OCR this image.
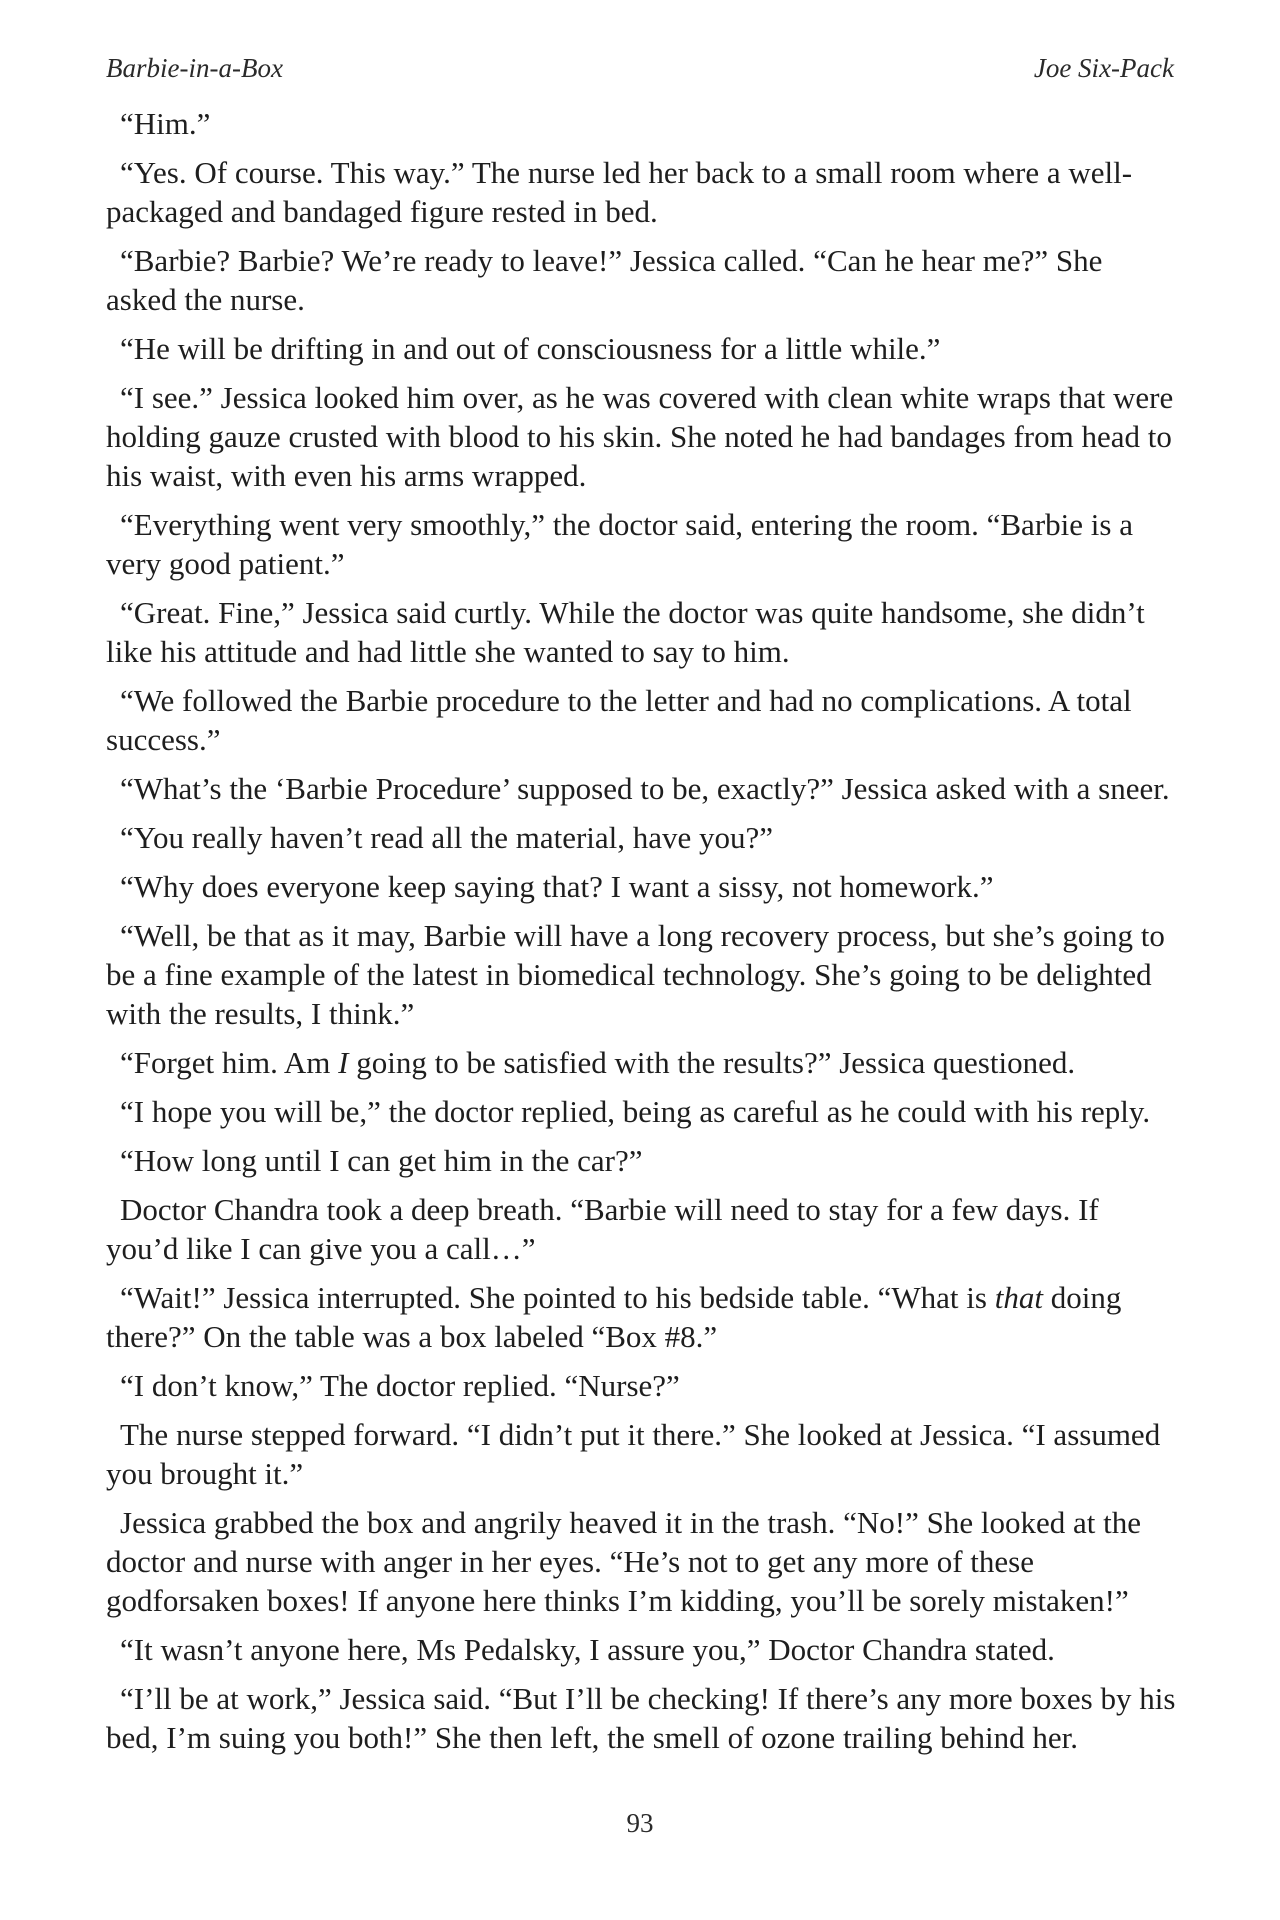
Barbie-in-a-Box	Joe Six-Pack

“Him.”

“Yes. Of course. This way.” The nurse led her back to a small room where a well-packaged and bandaged figure rested in bed.

“Barbie? Barbie? We’re ready to leave!” Jessica called. “Can he hear me?” She asked the nurse.

“He will be drifting in and out of consciousness for a little while.”

“I see.” Jessica looked him over, as he was covered with clean white wraps that were holding gauze crusted with blood to his skin. She noted he had bandages from head to his waist, with even his arms wrapped.

“Everything went very smoothly,” the doctor said, entering the room. “Barbie is a very good patient.”

“Great. Fine,” Jessica said curtly. While the doctor was quite handsome, she didn’t like his attitude and had little she wanted to say to him.

“We followed the Barbie procedure to the letter and had no complications. A total success.”

“What’s the ‘Barbie Procedure’ supposed to be, exactly?” Jessica asked with a sneer.

“You really haven’t read all the material, have you?”

“Why does everyone keep saying that? I want a sissy, not homework.”

“Well, be that as it may, Barbie will have a long recovery process, but she’s going to be a fine example of the latest in biomedical technology. She’s going to be delighted with the results, I think.”

“Forget him. Am I going to be satisfied with the results?” Jessica questioned.

“I hope you will be,” the doctor replied, being as careful as he could with his reply.

“How long until I can get him in the car?”

Doctor Chandra took a deep breath. “Barbie will need to stay for a few days. If you’d like I can give you a call…”

“Wait!” Jessica interrupted. She pointed to his bedside table. “What is that doing there?” On the table was a box labeled “Box #8.”

“I don’t know,” The doctor replied. “Nurse?”

The nurse stepped forward. “I didn’t put it there.” She looked at Jessica. “I assumed you brought it.”

Jessica grabbed the box and angrily heaved it in the trash. “No!” She looked at the doctor and nurse with anger in her eyes. “He’s not to get any more of these godforsaken boxes! If anyone here thinks I’m kidding, you’ll be sorely mistaken!”

“It wasn’t anyone here, Ms Pedalsky, I assure you,” Doctor Chandra stated.

“I’ll be at work,” Jessica said. “But I’ll be checking! If there’s any more boxes by his bed, I’m suing you both!” She then left, the smell of ozone trailing behind her.

93
